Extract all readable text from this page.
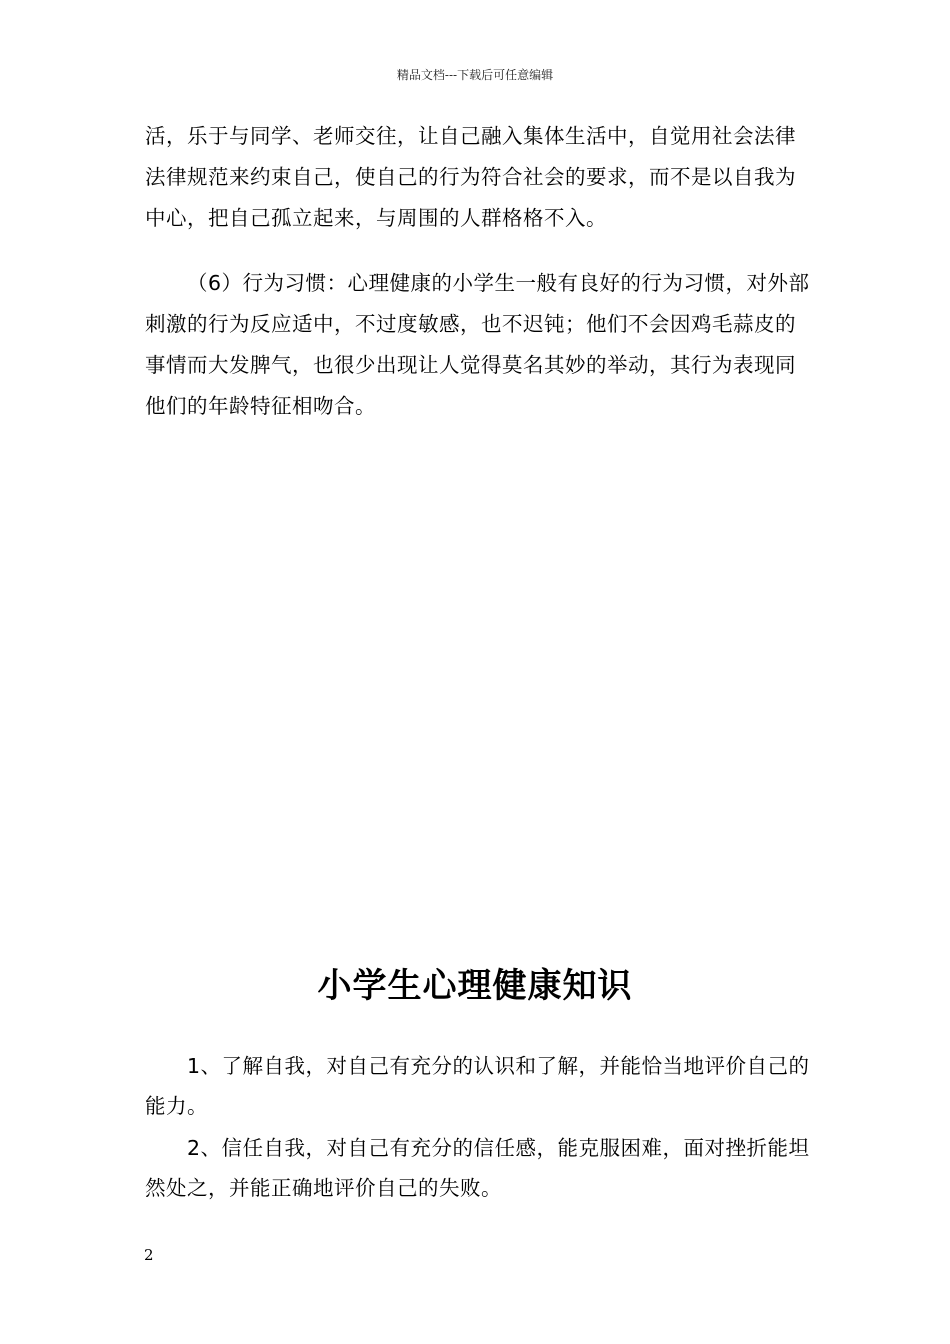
精品文档---下载后可任意编辑
活，乐于与同学、老师交往，让自己融入集体生活中，自觉用社会法律法律规范来约束自己，使自己的行为符合社会的要求，而不是以自我为中心，把自己孤立起来，与周围的人群格格不入。
（6）行为习惯：心理健康的小学生一般有良好的行为习惯，对外部刺激的行为反应适中，不过度敏感，也不迟钝；他们不会因鸡毛蒜皮的事情而大发脾气，也很少出现让人觉得莫名其妙的举动，其行为表现同他们的年龄特征相吻合。
小学生心理健康知识
1、了解自我，对自己有充分的认识和了解，并能恰当地评价自己的能力。
2、信任自我，对自己有充分的信任感，能克服困难，面对挫折能坦然处之，并能正确地评价自己的失败。
2
